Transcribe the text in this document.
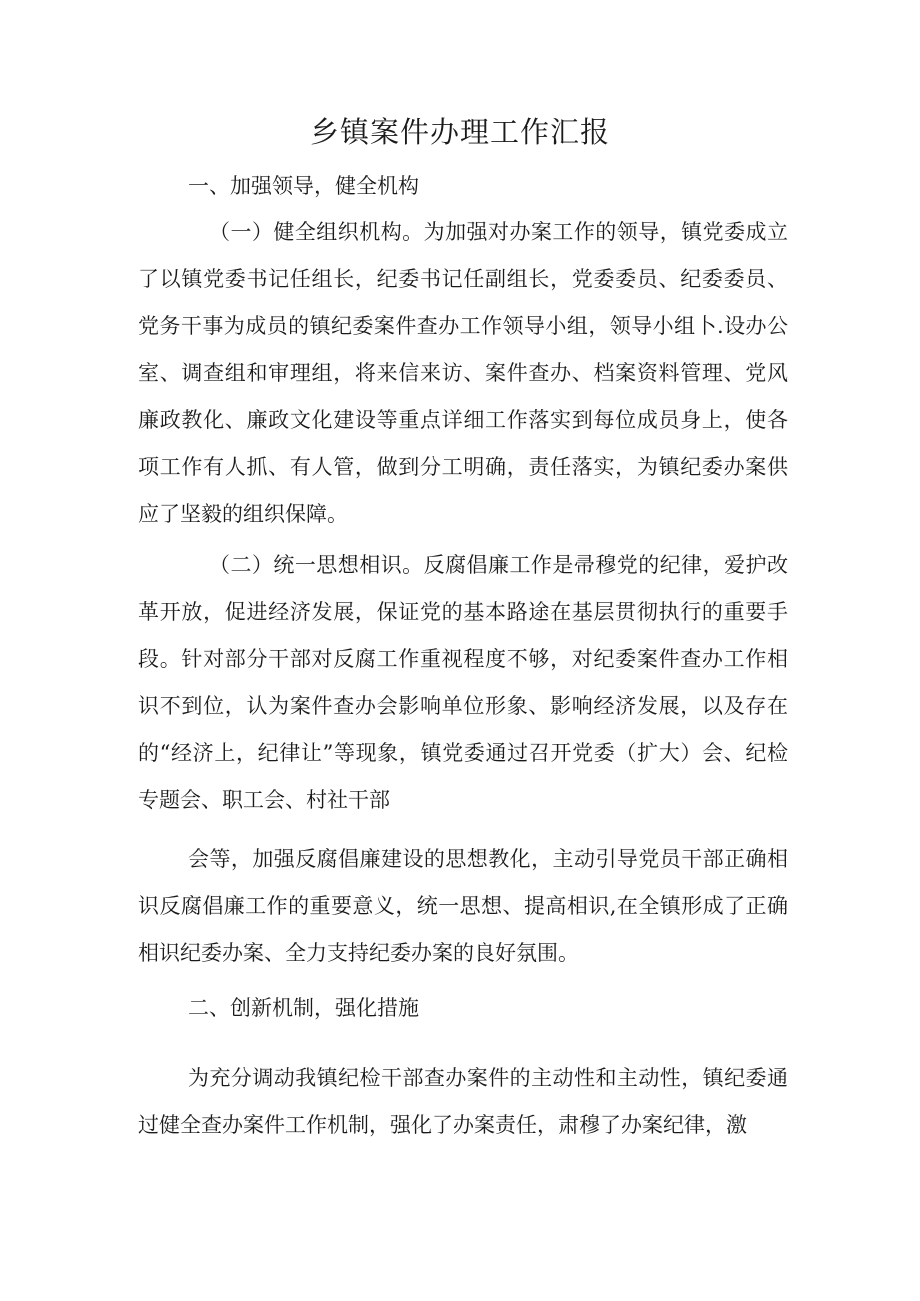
乡镇案件办理工作汇报

一、加强领导，健全机构

（一）健全组织机构。为加强对办案工作的领导，镇党委成立了以镇党委书记任组长，纪委书记任副组长，党委委员、纪委委员、党务干事为成员的镇纪委案件查办工作领导小组，领导小组卜.设办公室、调查组和审理组，将来信来访、案件查办、档案资料管理、党风廉政教化、廉政文化建设等重点详细工作落实到每位成员身上，使各项工作有人抓、有人管，做到分工明确，责任落实，为镇纪委办案供应了坚毅的组织保障。

（二）统一思想相识。反腐倡廉工作是帚穆党的纪律，爱护改革开放，促进经济发展，保证党的基本路途在基层贯彻执行的重要手段。针对部分干部对反腐工作重视程度不够，对纪委案件查办工作相识不到位，认为案件查办会影响单位形象、影响经济发展，以及存在的“经济上，纪律让”等现象，镇党委通过召开党委（扩大）会、纪检专题会、职工会、村社干部

会等，加强反腐倡廉建设的思想教化，主动引导党员干部正确相识反腐倡廉工作的重要意义，统一思想、提高相识,在全镇形成了正确相识纪委办案、全力支持纪委办案的良好氛围。

二、创新机制，强化措施

为充分调动我镇纪检干部查办案件的主动性和主动性，镇纪委通过健全查办案件工作机制，强化了办案责任，肃穆了办案纪律，激
